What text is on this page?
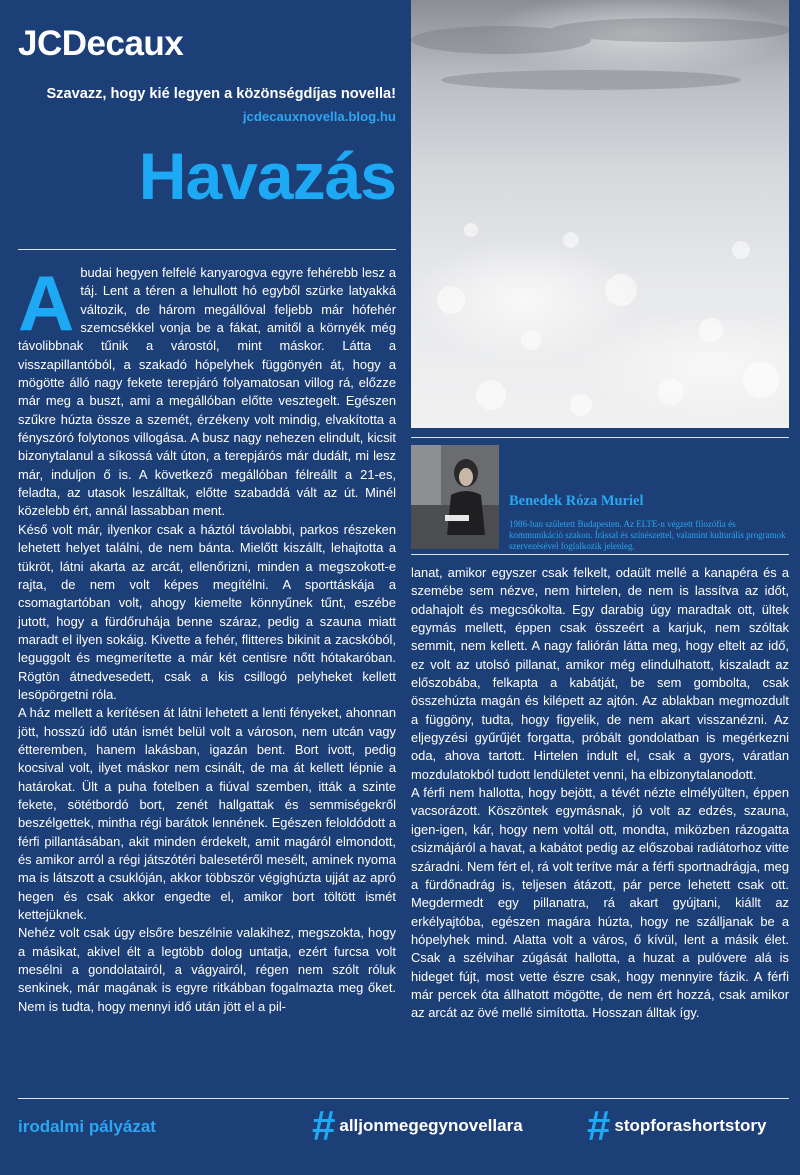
JCDecaux
Szavazz, hogy kié legyen a közönségdíjas novella!
jcdecauxnovella.blog.hu
Havazás
Benedek Róza Muriel
1986-ban született Budapesten. Az ELTE-n végzett filozófia és kommunikáció szakon. Írással és színészettel, valamint kulturális programok szervezésével foglalkozik jelenleg.

A budai hegyen felfelé kanyarogva egyre fehérebb lesz a táj. Lent a téren a lehullott hó egyből szürke latyakká változik, de három megállóval feljebb már hófehér szemcsékkel vonja be a fákat, amitől a környék még távolibbnak tűnik a várostól, mint máskor. Látta a visszapillantóból, a szakadó hópelyhek függönyén át, hogy a mögötte álló nagy fekete terepjáró folyamatosan villog rá, előzze már meg a buszt, ami a megállóban előtte vesztegelt. Egészen szűkre húzta össze a szemét, érzékeny volt mindig, elvakította a fényszóró folytonos villogása. A busz nagy nehezen elindult, kicsit bizonytalanul a síkossá vált úton, a terepjárós már dudált, mi lesz már, induljon ő is. A következő megállóban félreállt a 21-es, feladta, az utasok leszálltak, előtte szabaddá vált az út. Minél közelebb ért, annál lassabban ment.

Késő volt már, ilyenkor csak a háztól távolabbi, parkos részeken lehetett helyet találni, de nem bánta. Mielőtt kiszállt, lehajtotta a tükröt, látni akarta az arcát, ellenőrizni, minden a megszokott-e rajta, de nem volt képes megítélni. A sporttáskája a csomagtartóban volt, ahogy kiemelte könnyűnek tűnt, eszébe jutott, hogy a fürdőruhája benne száraz, pedig a szauna miatt maradt el ilyen sokáig. Kivette a fehér, flitteres bikinit a zacskóból, leguggolt és megmerítette a már két centisre nőtt hótakaróban. Rögtön átnedvesedett, csak a kis csillogó pelyheket kellett lesöpörgetni róla.

A ház mellett a kerítésen át látni lehetett a lenti fényeket, ahonnan jött, hosszú idő után ismét belül volt a városon, nem utcán vagy étteremben, hanem lakásban, igazán bent. Bort ivott, pedig kocsival volt, ilyet máskor nem csinált, de ma át kellett lépnie a határokat. Ült a puha fotelben a fiúval szemben, itták a szinte fekete, sötétbordó bort, zenét hallgattak és semmiségekről beszélgettek, mintha régi barátok lennének. Egészen feloldódott a férfi pillantásában, akit minden érdekelt, amit magáról elmondott, és amikor arról a régi játszótéri balesetéről mesélt, aminek nyoma ma is látszott a csuklóján, akkor többször végighúzta ujját az apró hegen és csak akkor engedte el, amikor bort töltött ismét kettejüknek.

Nehéz volt csak úgy elsőre beszélnie valakihez, megszokta, hogy a másikat, akivel élt a legtöbb dolog untatja, ezért furcsa volt mesélni a gondolatairól, a vágyairól, régen nem szólt róluk senkinek, már magának is egyre ritkábban fogalmazta meg őket. Nem is tudta, hogy mennyi idő után jött el a pil-

lanat, amikor egyszer csak felkelt, odaült mellé a kanapéra és a szemébe sem nézve, nem hirtelen, de nem is lassítva az időt, odahajolt és megcsókolta. Egy darabig úgy maradtak ott, ültek egymás mellett, éppen csak összeért a karjuk, nem szóltak semmit, nem kellett. A nagy faliórán látta meg, hogy eltelt az idő, ez volt az utolsó pillanat, amikor még elindulhatott, kiszaladt az előszobába, felkapta a kabátját, be sem gombolta, csak összehúzta magán és kilépett az ajtón. Az ablakban megmozdult a függöny, tudta, hogy figyelik, de nem akart visszanézni. Az eljegyzési gyűrűjét forgatta, próbált gondolatban is megérkezni oda, ahova tartott. Hirtelen indult el, csak a gyors, váratlan mozdulatokból tudott lendületet venni, ha elbizonytalanodott.

A férfi nem hallotta, hogy bejött, a tévét nézte elmélyülten, éppen vacsorázott. Köszöntek egymásnak, jó volt az edzés, szauna, igen-igen, kár, hogy nem voltál ott, mondta, miközben rázogatta csizmájáról a havat, a kabátot pedig az előszobai radiátorhoz vitte száradni. Nem fért el, rá volt terítve már a férfi sportnadrágja, meg a fürdőnadrág is, teljesen átázott, pár perce lehetett csak ott. Megdermedt egy pillanatra, rá akart gyújtani, kiállt az erkélyajtóba, egészen magára húzta, hogy ne szálljanak be a hópelyhek mind. Alatta volt a város, ő kívül, lent a másik élet. Csak a szélvihar zúgását hallotta, a huzat a pulóvere alá is hideget fújt, most vette észre csak, hogy mennyire fázik. A férfi már percek óta állhatott mögötte, de nem ért hozzá, csak amikor az arcát az övé mellé simította. Hosszan álltak így.

irodalmi pályázat	# alljonmegegynovellara # stopforashortstory
